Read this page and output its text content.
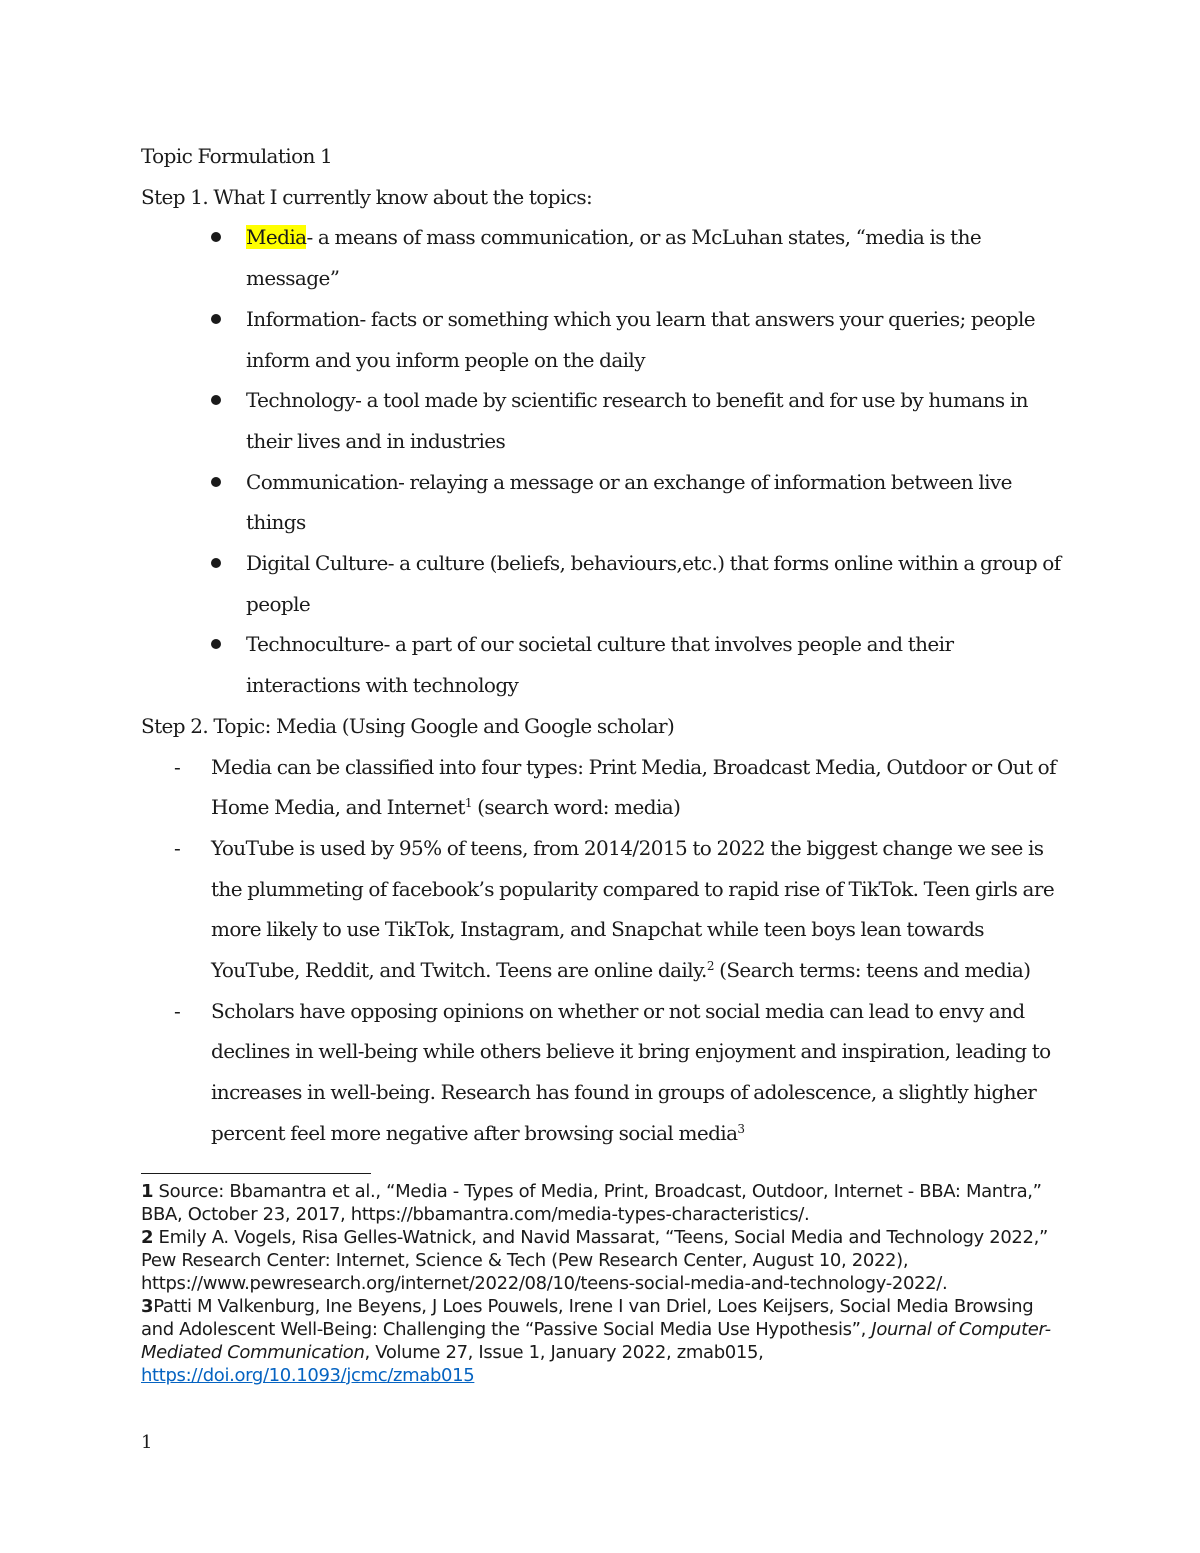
Topic Formulation 1

Step 1. What I currently know about the topics:

Media- a means of mass communication, or as McLuhan states, “media is the message”
Information- facts or something which you learn that answers your queries; people inform and you inform people on the daily
Technology- a tool made by scientific research to benefit and for use by humans in their lives and in industries
Communication- relaying a message or an exchange of information between live things
Digital Culture- a culture (beliefs, behaviours,etc.) that forms online within a group of people
Technoculture- a part of our societal culture that involves people and their interactions with technology

Step 2. Topic: Media (Using Google and Google scholar)

- Media can be classified into four types: Print Media, Broadcast Media, Outdoor or Out of Home Media, and Internet$^1$ (search word: media)
- YouTube is used by 95% of teens, from 2014/2015 to 2022 the biggest change we see is the plummeting of facebook’s popularity compared to rapid rise of TikTok. Teen girls are more likely to use TikTok, Instagram, and Snapchat while teen boys lean towards YouTube, Reddit, and Twitch. Teens are online daily.$^2$ (Search terms: teens and media)
- Scholars have opposing opinions on whether or not social media can lead to envy and declines in well-being while others believe it bring enjoyment and inspiration, leading to increases in well-being. Research has found in groups of adolescence, a slightly higher percent feel more negative after browsing social media$^3$

1 Source: Bbamantra et al., “Media - Types of Media, Print, Broadcast, Outdoor, Internet - BBA: Mantra,” BBA, October 23, 2017, https://bbamantra.com/media-types-characteristics/.

2 Emily A. Vogels, Risa Gelles-Watnick, and Navid Massarat, “Teens, Social Media and Technology 2022,” Pew Research Center: Internet, Science & Tech (Pew Research Center, August 10, 2022), https://www.pewresearch.org/internet/2022/08/10/teens-social-media-and-technology-2022/.

3Patti M Valkenburg, Ine Beyens, J Loes Pouwels, Irene I van Driel, Loes Keijsers, Social Media Browsing and Adolescent Well-Being: Challenging the “Passive Social Media Use Hypothesis”, Journal of Computer-Mediated Communication, Volume 27, Issue 1, January 2022, zmab015, https://doi.org/10.1093/jcmc/zmab015

1
